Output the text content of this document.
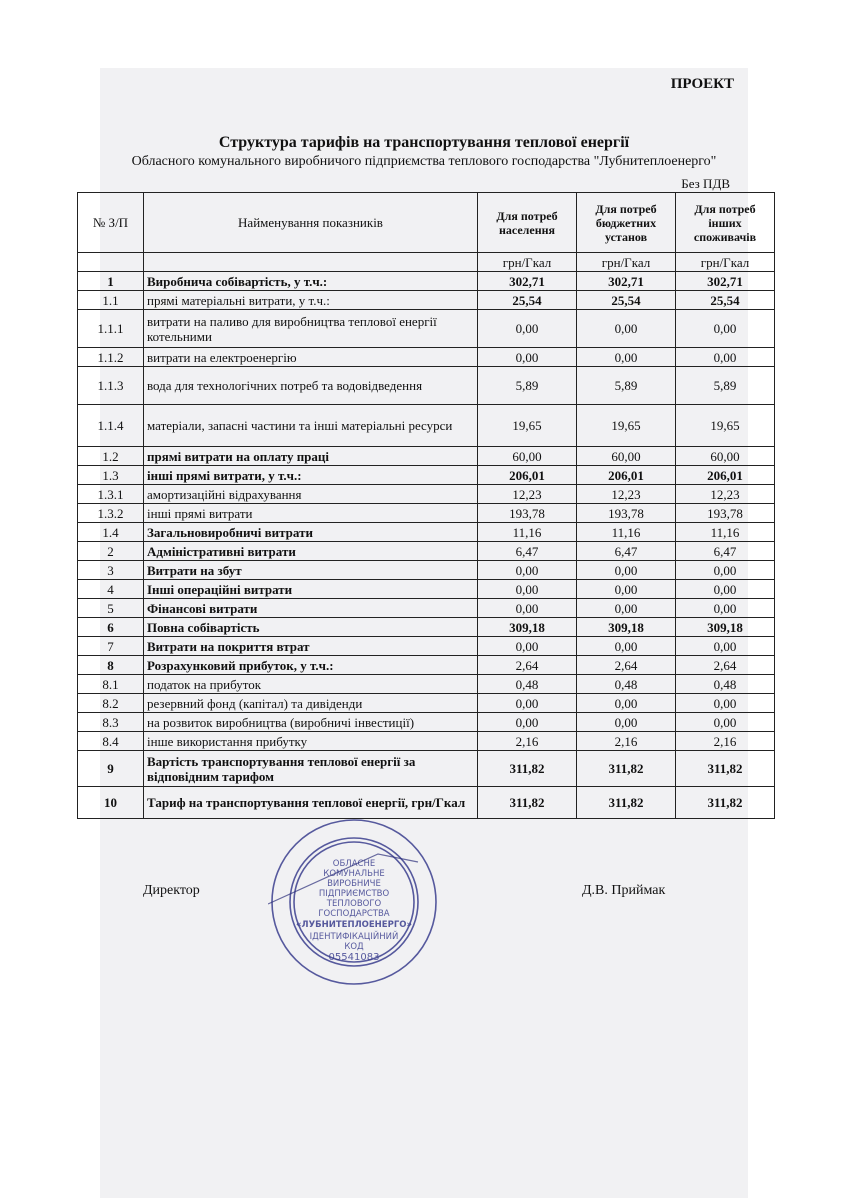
ПРОЕКТ
Структура тарифів на транспортування теплової енергії
Обласного комунального виробничого підприємства теплового господарства "Лубнитеплоенерго"
Без ПДВ
№ З/П	Найменування показників	Для потреб населення	Для потреб бюджетних установ	Для потреб інших споживачів
		грн/Гкал	грн/Гкал	грн/Гкал
1	Виробнича собівартість, у т.ч.:	302,71	302,71	302,71
1.1	прямі матеріальні витрати, у т.ч.:	25,54	25,54	25,54
1.1.1	витрати на паливо для виробництва теплової енергії котельними	0,00	0,00	0,00
1.1.2	витрати на електроенергію	0,00	0,00	0,00
1.1.3	вода для технологічних потреб та водовідведення	5,89	5,89	5,89
1.1.4	матеріали, запасні частини та інші матеріальні ресурси	19,65	19,65	19,65
1.2	прямі витрати на оплату праці	60,00	60,00	60,00
1.3	інші прямі витрати, у т.ч.:	206,01	206,01	206,01
1.3.1	амортизаційні відрахування	12,23	12,23	12,23
1.3.2	інші прямі витрати	193,78	193,78	193,78
1.4	Загальновиробничі витрати	11,16	11,16	11,16
2	Адміністративні витрати	6,47	6,47	6,47
3	Витрати на збут	0,00	0,00	0,00
4	Інші операційні витрати	0,00	0,00	0,00
5	Фінансові витрати	0,00	0,00	0,00
6	Повна собівартість	309,18	309,18	309,18
7	Витрати на покриття втрат	0,00	0,00	0,00
8	Розрахунковий прибуток, у т.ч.:	2,64	2,64	2,64
8.1	податок на прибуток	0,48	0,48	0,48
8.2	резервний фонд (капітал) та дивіденди	0,00	0,00	0,00
8.3	на розвиток виробництва (виробничі інвестиції)	0,00	0,00	0,00
8.4	інше використання прибутку	2,16	2,16	2,16
9	Вартість транспортування теплової енергії за відповідним тарифом	311,82	311,82	311,82
10	Тариф на транспортування теплової енергії, грн/Гкал	311,82	311,82	311,82
Директор	Д.В. Приймак
ОБЛАСНЕ
КОМУНАЛЬНЕ
ВИРОБНИЧЕ
ПІДПРИЄМСТВО
ТЕПЛОВОГО
ГОСПОДАРСТВА
«ЛУБНИТЕПЛОЕНЕРГО»
ІДЕНТИФІКАЦІЙНИЙ
КОД
05541083
